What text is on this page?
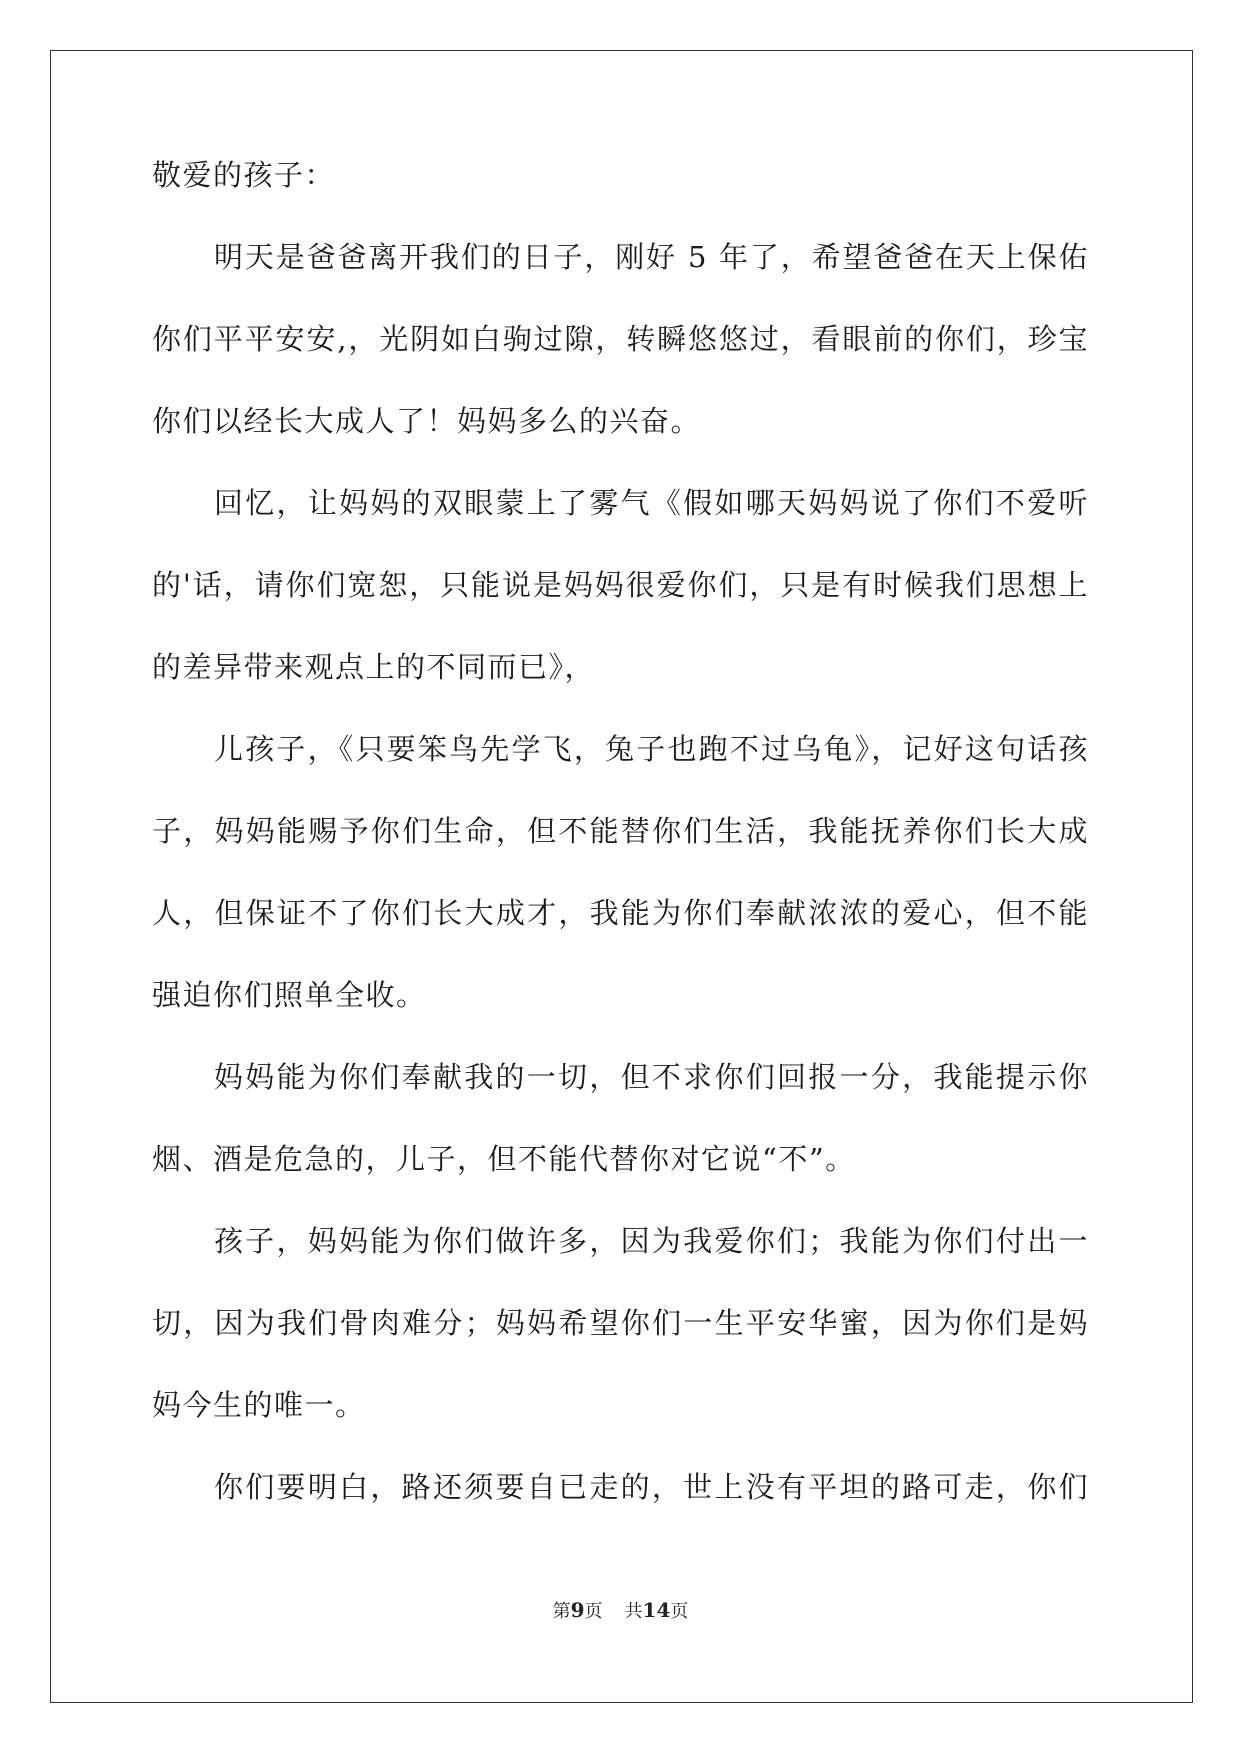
敬爱的孩子：
明天是爸爸离开我们的日子，刚好 5 年了，希望爸爸在天上保佑
你们平平安安,，光阴如白驹过隙，转瞬悠悠过，看眼前的你们，珍宝
你们以经长大成人了！妈妈多么的兴奋。
回忆，让妈妈的双眼蒙上了雾气《假如哪天妈妈说了你们不爱听
的'话，请你们宽恕，只能说是妈妈很爱你们，只是有时候我们思想上
的差异带来观点上的不同而已》，
儿孩子，《只要笨鸟先学飞，兔子也跑不过乌龟》，记好这句话孩
子，妈妈能赐予你们生命，但不能替你们生活，我能抚养你们长大成
人，但保证不了你们长大成才，我能为你们奉献浓浓的爱心，但不能
强迫你们照单全收。
妈妈能为你们奉献我的一切，但不求你们回报一分，我能提示你
烟、酒是危急的，儿子，但不能代替你对它说“不”。
孩子，妈妈能为你们做许多，因为我爱你们；我能为你们付出一
切，因为我们骨肉难分；妈妈希望你们一生平安华蜜，因为你们是妈
妈今生的唯一。
你们要明白，路还须要自已走的，世上没有平坦的路可走，你们
第9页 共14页
